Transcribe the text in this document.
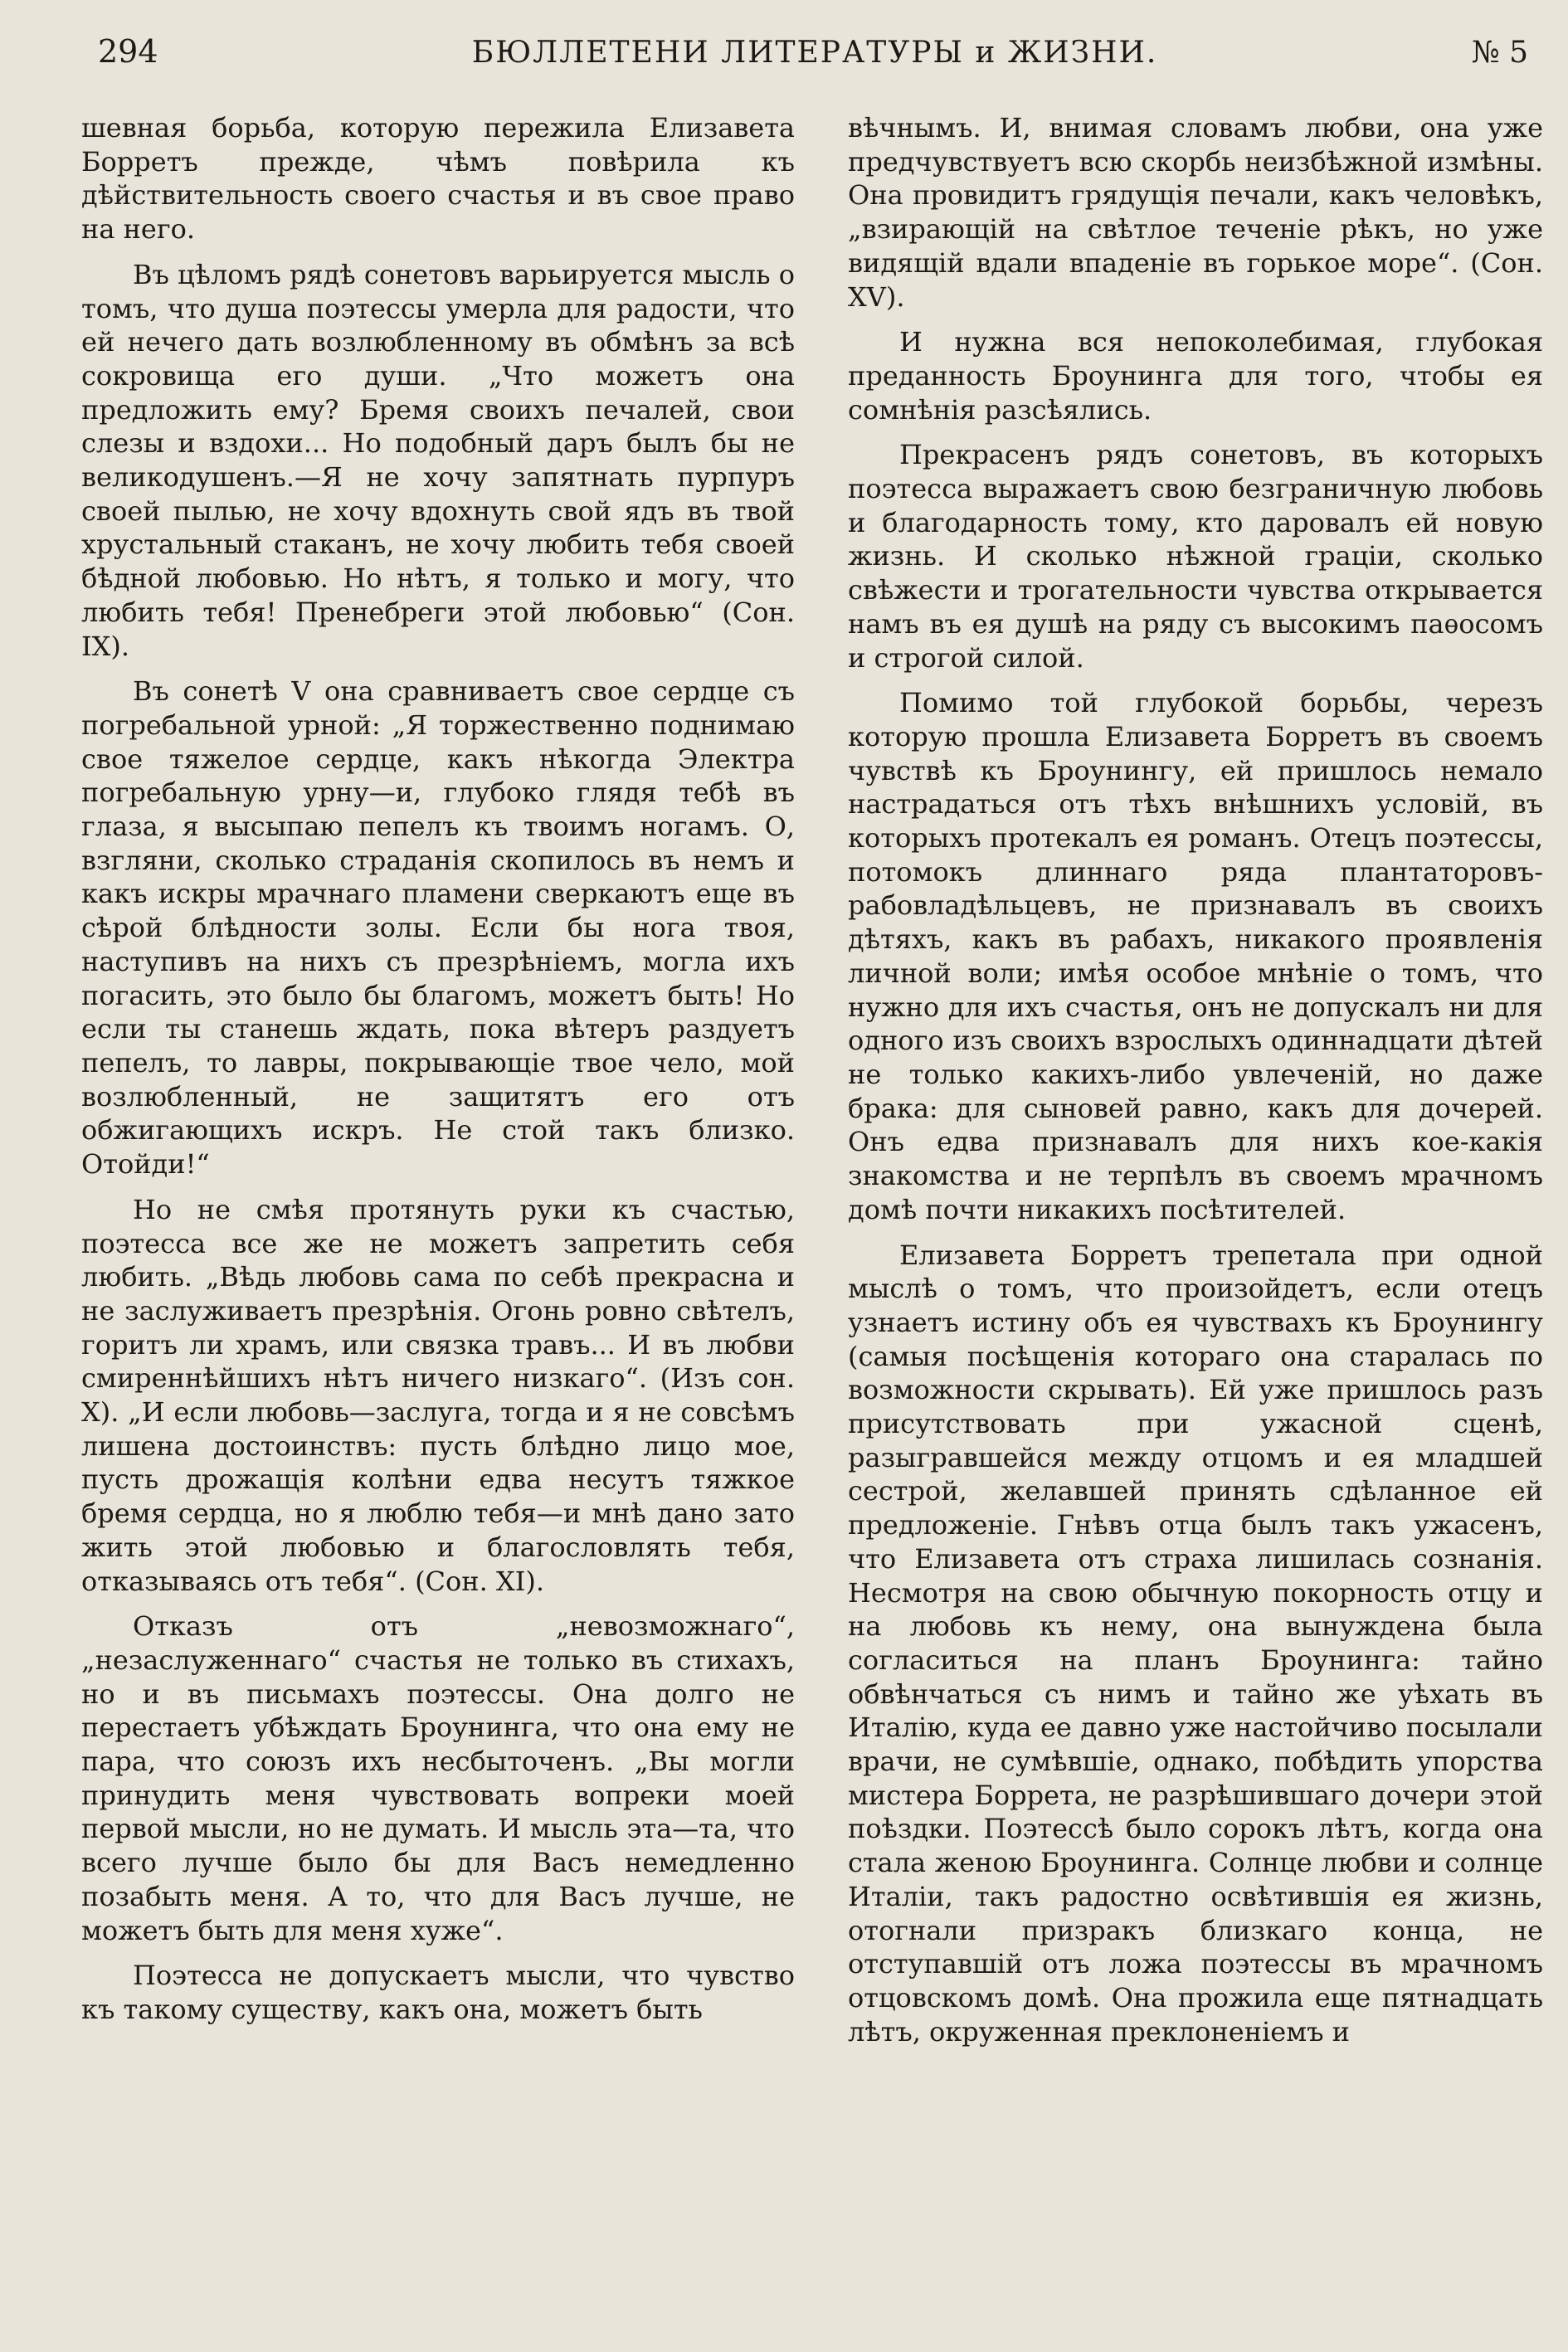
294	БЮЛЛЕТЕНИ ЛИТЕРАТУРЫ и ЖИЗНИ.	№ 5

шевная борьба, которую пережила Елизавета Борретъ прежде, чѣмъ повѣрила къ дѣйствительность своего счастья и въ свое право на него.

Въ цѣломъ рядѣ сонетовъ варьируется мысль о томъ, что душа поэтессы умерла для радости, что ей нечего дать возлюбленному въ обмѣнъ за всѣ сокровища его души. „Что можетъ она предложить ему? Бремя своихъ печалей, свои слезы и вздохи... Но подобный даръ былъ бы не великодушенъ.—Я не хочу запятнать пурпуръ своей пылью, не хочу вдохнуть свой ядъ въ твой хрустальный стаканъ, не хочу любить тебя своей бѣдной любовью. Но нѣтъ, я только и могу, что любить тебя! Пренебреги этой любовью“ (Сон. IX).

Въ сонетѣ V она сравниваетъ свое сердце съ погребальной урной: „Я торжественно поднимаю свое тяжелое сердце, какъ нѣкогда Электра погребальную урну—и, глубоко глядя тебѣ въ глаза, я высыпаю пепелъ къ твоимъ ногамъ. О, взгляни, сколько страданія скопилось въ немъ и какъ искры мрачнаго пламени сверкаютъ еще въ сѣрой блѣдности золы. Если бы нога твоя, наступивъ на нихъ съ презрѣніемъ, могла ихъ погасить, это было бы благомъ, можетъ быть! Но если ты станешь ждать, пока вѣтеръ раздуетъ пепелъ, то лавры, покрывающіе твое чело, мой возлюбленный, не защитятъ его отъ обжигающихъ искръ. Не стой такъ близко. Отойди!“

Но не смѣя протянуть руки къ счастью, поэтесса все же не можетъ запретить себя любить. „Вѣдь любовь сама по себѣ прекрасна и не заслуживаетъ презрѣнія. Огонь ровно свѣтелъ, горитъ ли храмъ, или связка травъ... И въ любви смиреннѣйшихъ нѣтъ ничего низкаго“. (Изъ сон. X). „И если любовь—заслуга, тогда и я не совсѣмъ лишена достоинствъ: пусть блѣдно лицо мое, пусть дрожащія колѣни едва несутъ тяжкое бремя сердца, но я люблю тебя—и мнѣ дано зато жить этой любовью и благословлять тебя, отказываясь отъ тебя“. (Сон. XI).

Отказъ отъ „невозможнаго“, „незаслуженнаго“ счастья не только въ стихахъ, но и въ письмахъ поэтессы. Она долго не перестаетъ убѣждать Броунинга, что она ему не пара, что союзъ ихъ несбыточенъ. „Вы могли принудить меня чувствовать вопреки моей первой мысли, но не думать. И мысль эта—та, что всего лучше было бы для Васъ немедленно позабыть меня. А то, что для Васъ лучше, не можетъ быть для меня хуже“.

Поэтесса не допускаетъ мысли, что чувство къ такому существу, какъ она, можетъ быть

вѣчнымъ. И, внимая словамъ любви, она уже предчувствуетъ всю скорбь неизбѣжной измѣны. Она провидитъ грядущія печали, какъ человѣкъ, „взирающій на свѣтлое теченіе рѣкъ, но уже видящій вдали впаденіе въ горькое море“. (Сон. XV).

И нужна вся непоколебимая, глубокая преданность Броунинга для того, чтобы ея сомнѣнія разсѣялись.

Прекрасенъ рядъ сонетовъ, въ которыхъ поэтесса выражаетъ свою безграничную любовь и благодарность тому, кто даровалъ ей новую жизнь. И сколько нѣжной граціи, сколько свѣжести и трогательности чувства открывается намъ въ ея душѣ на ряду съ высокимъ паѳосомъ и строгой силой.

Помимо той глубокой борьбы, черезъ которую прошла Елизавета Борретъ въ своемъ чувствѣ къ Броунингу, ей пришлось немало настрадаться отъ тѣхъ внѣшнихъ условій, въ которыхъ протекалъ ея романъ. Отецъ поэтессы, потомокъ длиннаго ряда плантаторовъ-рабовладѣльцевъ, не признавалъ въ своихъ дѣтяхъ, какъ въ рабахъ, никакого проявленія личной воли; имѣя особое мнѣніе о томъ, что нужно для ихъ счастья, онъ не допускалъ ни для одного изъ своихъ взрослыхъ одиннадцати дѣтей не только какихъ-либо увлеченій, но даже брака: для сыновей равно, какъ для дочерей. Онъ едва признавалъ для нихъ кое-какія знакомства и не терпѣлъ въ своемъ мрачномъ домѣ почти никакихъ посѣтителей.

Елизавета Борретъ трепетала при одной мыслѣ о томъ, что произойдетъ, если отецъ узнаетъ истину объ ея чувствахъ къ Броунингу (самыя посѣщенія котораго она старалась по возможности скрывать). Ей уже пришлось разъ присутствовать при ужасной сценѣ, разыгравшейся между отцомъ и ея младшей сестрой, желавшей принять сдѣланное ей предложеніе. Гнѣвъ отца былъ такъ ужасенъ, что Елизавета отъ страха лишилась сознанія. Несмотря на свою обычную покорность отцу и на любовь къ нему, она вынуждена была согласиться на планъ Броунинга: тайно обвѣнчаться съ нимъ и тайно же уѣхать въ Италію, куда ее давно уже настойчиво посылали врачи, не сумѣвшіе, однако, побѣдить упорства мистера Боррета, не разрѣшившаго дочери этой поѣздки. Поэтессѣ было сорокъ лѣтъ, когда она стала женою Броунинга. Солнце любви и солнце Италіи, такъ радостно освѣтившія ея жизнь, отогнали призракъ близкаго конца, не отступавшій отъ ложа поэтессы въ мрачномъ отцовскомъ домѣ. Она прожила еще пятнадцать лѣтъ, окруженная преклоненіемъ и
